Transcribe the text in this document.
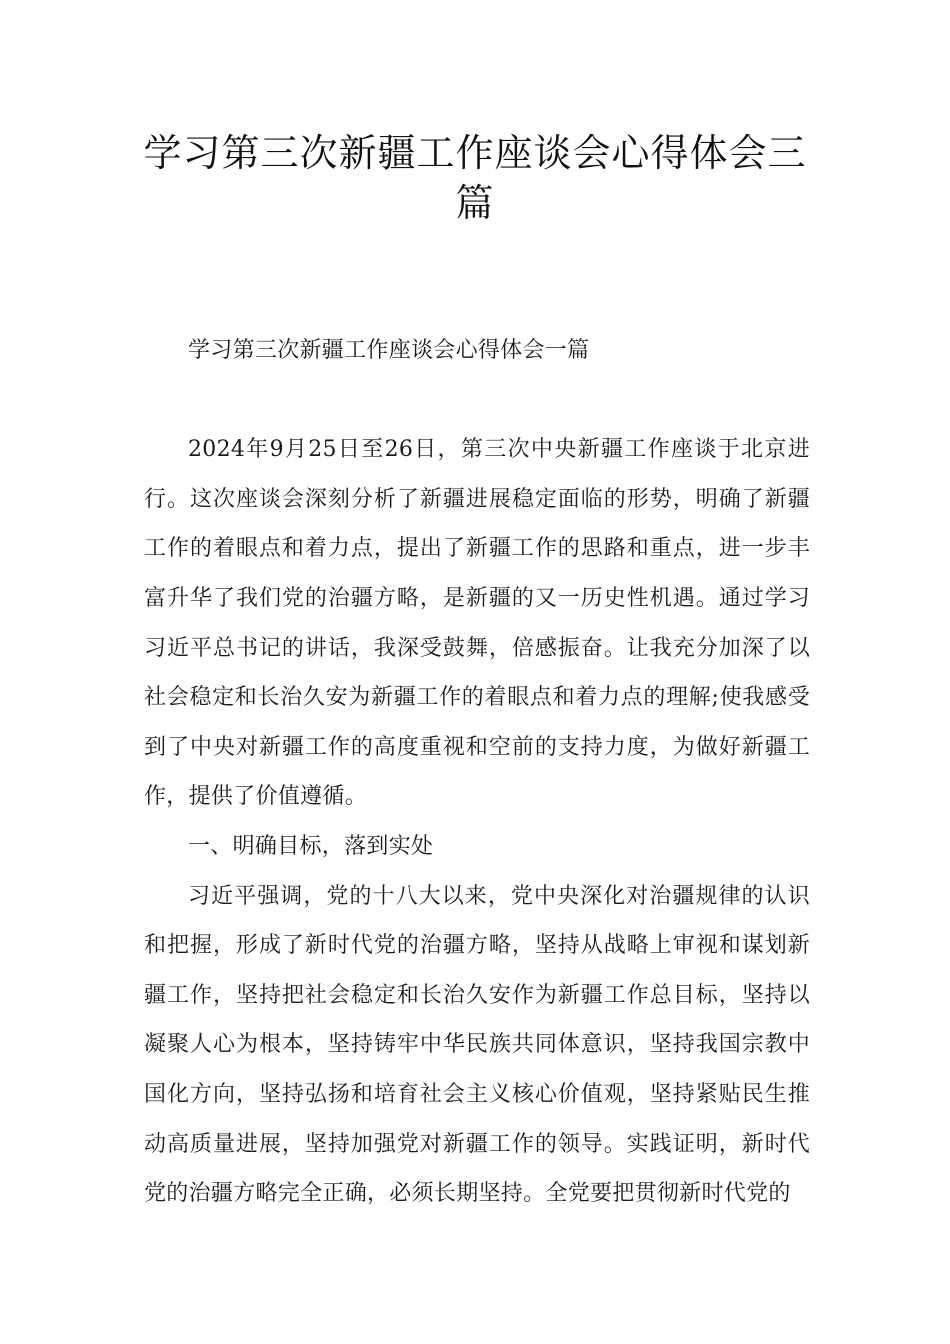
学习第三次新疆工作座谈会心得体会三篇

学习第三次新疆工作座谈会心得体会一篇

2024年9月25日至26日，第三次中央新疆工作座谈于北京进行。这次座谈会深刻分析了新疆进展稳定面临的形势，明确了新疆工作的着眼点和着力点，提出了新疆工作的思路和重点，进一步丰富升华了我们党的治疆方略，是新疆的又一历史性机遇。通过学习习近平总书记的讲话，我深受鼓舞，倍感振奋。让我充分加深了以社会稳定和长治久安为新疆工作的着眼点和着力点的理解;使我感受到了中央对新疆工作的高度重视和空前的支持力度，为做好新疆工作，提供了价值遵循。

一、明确目标，落到实处

习近平强调，党的十八大以来，党中央深化对治疆规律的认识和把握，形成了新时代党的治疆方略，坚持从战略上审视和谋划新疆工作，坚持把社会稳定和长治久安作为新疆工作总目标，坚持以凝聚人心为根本，坚持铸牢中华民族共同体意识，坚持我国宗教中国化方向，坚持弘扬和培育社会主义核心价值观，坚持紧贴民生推动高质量进展，坚持加强党对新疆工作的领导。实践证明，新时代党的治疆方略完全正确，必须长期坚持。全党要把贯彻新时代党的
